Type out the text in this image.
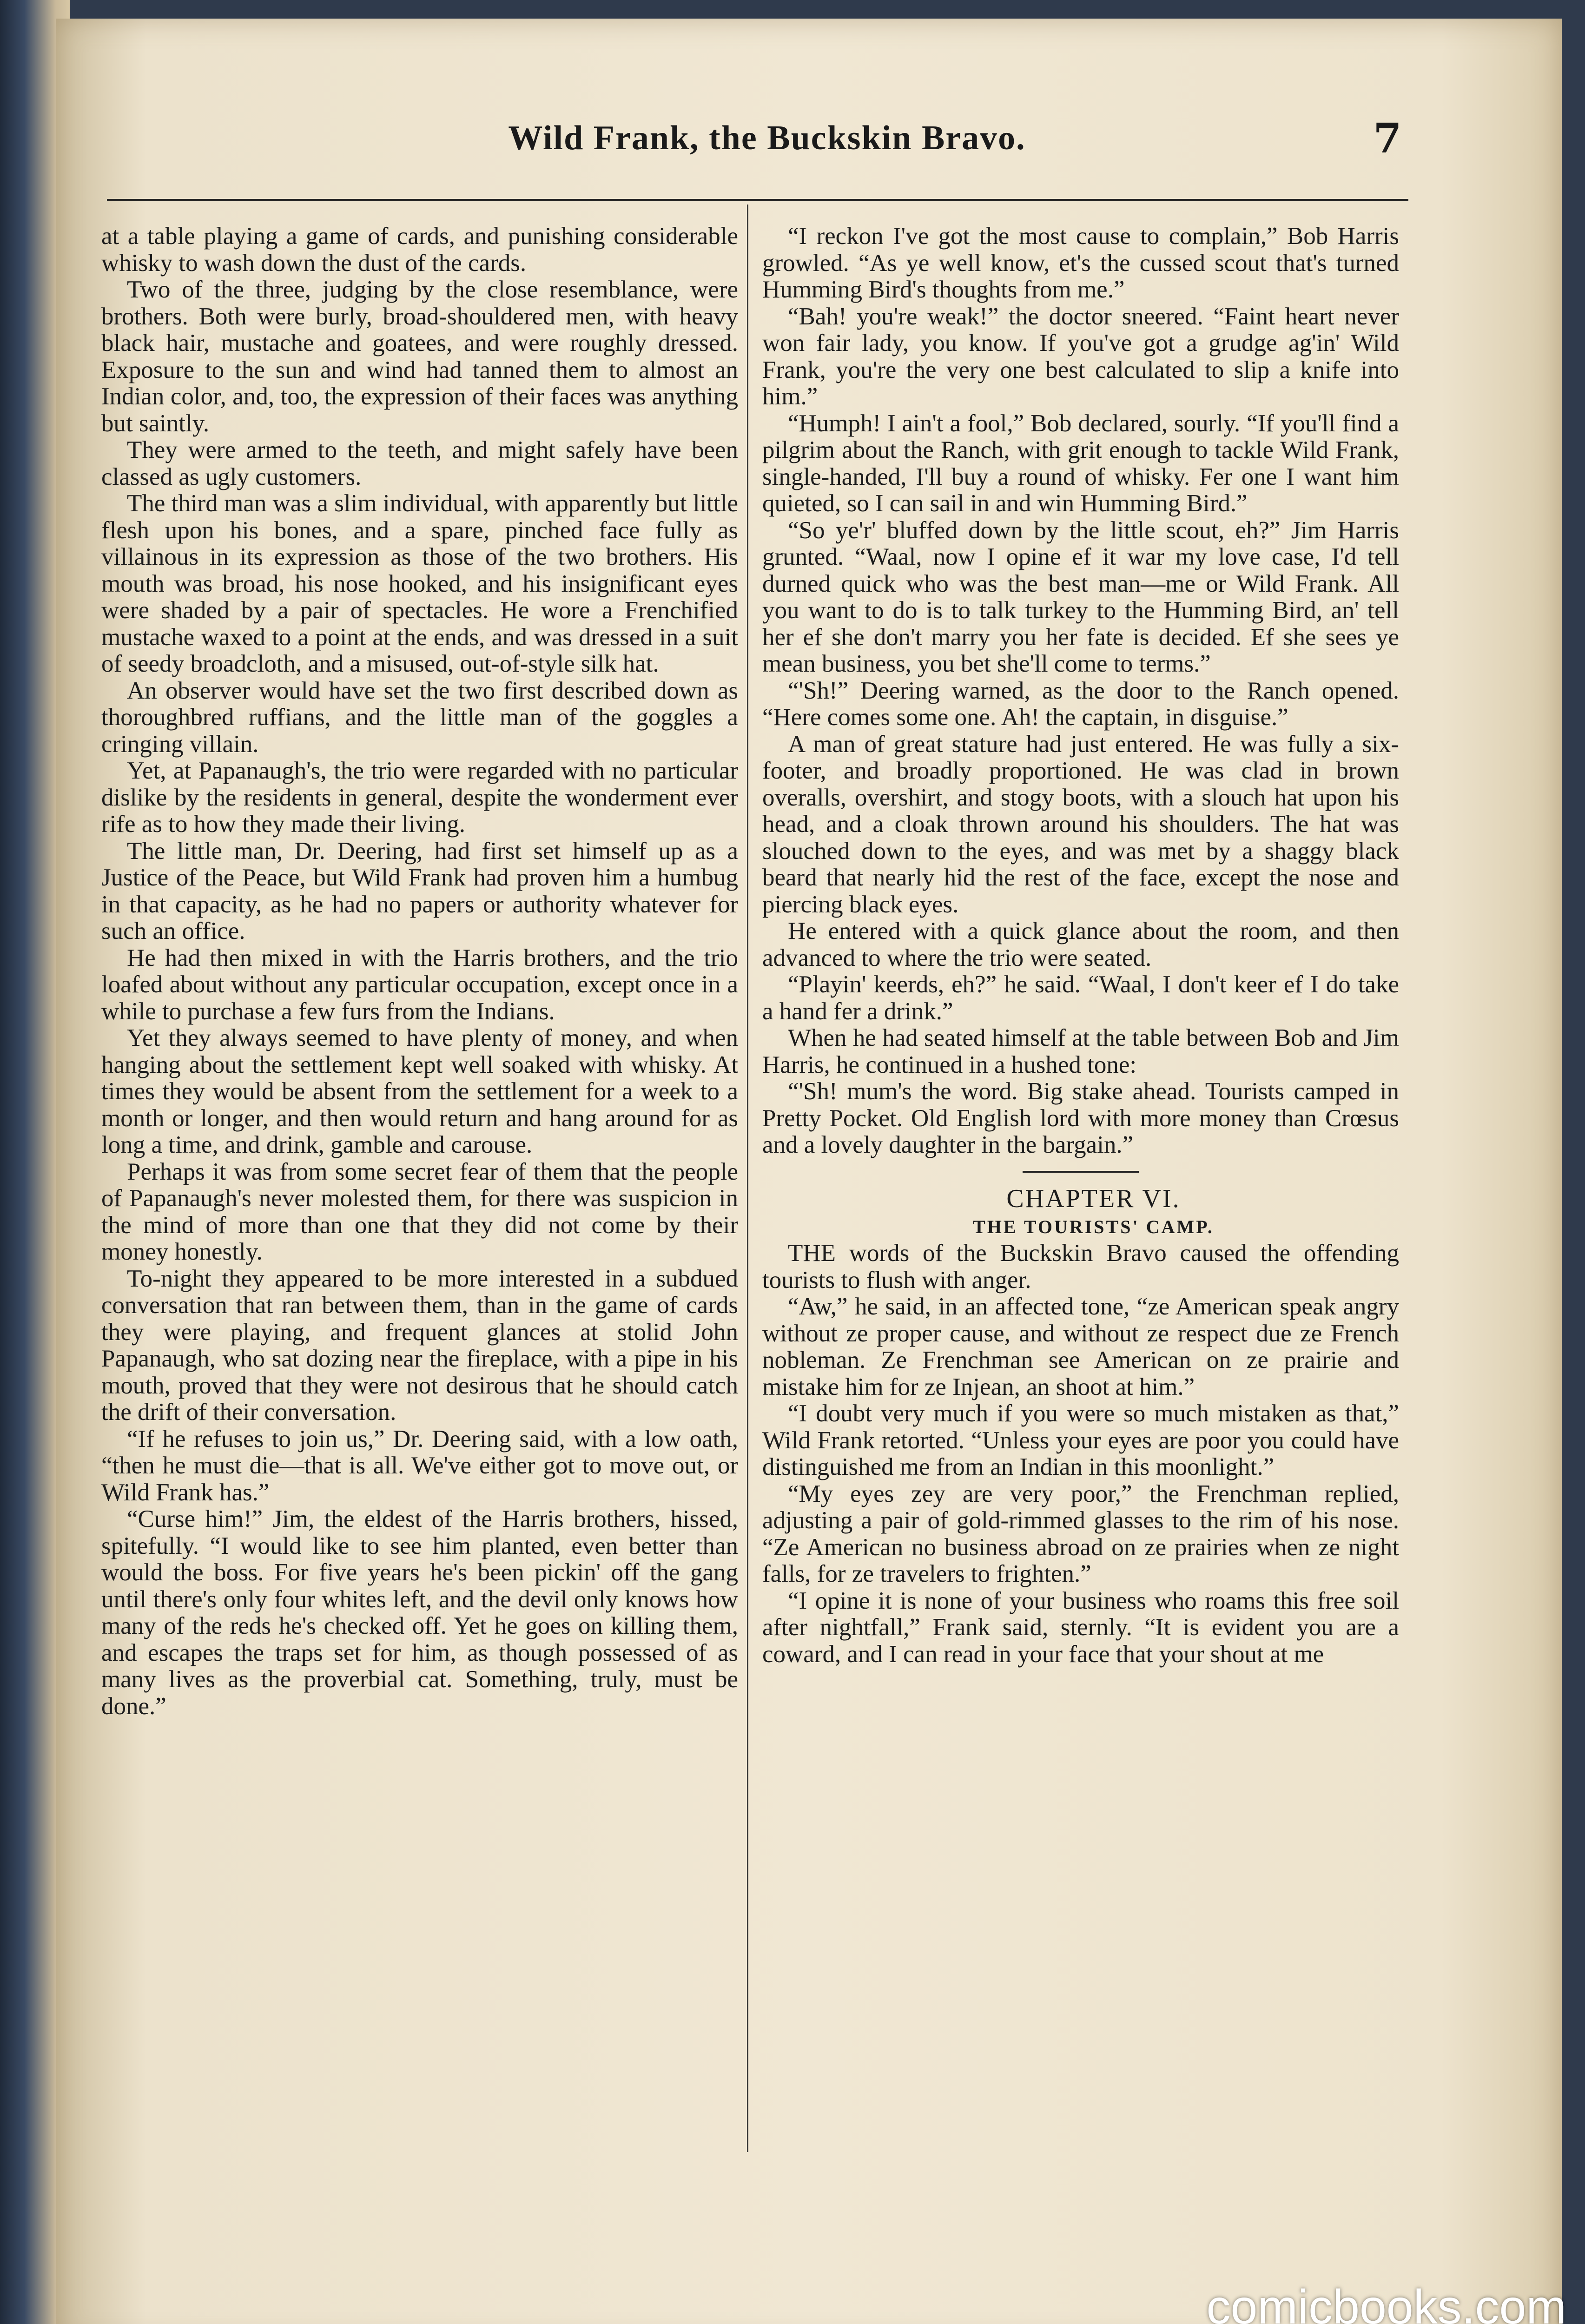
Wild Frank, the Buckskin Bravo.	7

at a table playing a game of cards, and punishing considerable whisky to wash down the dust of the cards.

Two of the three, judging by the close resemblance, were brothers. Both were burly, broad-shouldered men, with heavy black hair, mustache and goatees, and were roughly dressed. Exposure to the sun and wind had tanned them to almost an Indian color, and, too, the expression of their faces was anything but saintly.

They were armed to the teeth, and might safely have been classed as ugly customers.

The third man was a slim individual, with apparently but little flesh upon his bones, and a spare, pinched face fully as villainous in its expression as those of the two brothers. His mouth was broad, his nose hooked, and his insignificant eyes were shaded by a pair of spectacles. He wore a Frenchified mustache waxed to a point at the ends, and was dressed in a suit of seedy broadcloth, and a misused, out-of-style silk hat.

An observer would have set the two first described down as thoroughbred ruffians, and the little man of the goggles a cringing villain.

Yet, at Papanaugh's, the trio were regarded with no particular dislike by the residents in general, despite the wonderment ever rife as to how they made their living.

The little man, Dr. Deering, had first set himself up as a Justice of the Peace, but Wild Frank had proven him a humbug in that capacity, as he had no papers or authority whatever for such an office.

He had then mixed in with the Harris brothers, and the trio loafed about without any particular occupation, except once in a while to purchase a few furs from the Indians.

Yet they always seemed to have plenty of money, and when hanging about the settlement kept well soaked with whisky. At times they would be absent from the settlement for a week to a month or longer, and then would return and hang around for as long a time, and drink, gamble and carouse.

Perhaps it was from some secret fear of them that the people of Papanaugh's never molested them, for there was suspicion in the mind of more than one that they did not come by their money honestly.

To-night they appeared to be more interested in a subdued conversation that ran between them, than in the game of cards they were playing, and frequent glances at stolid John Papanaugh, who sat dozing near the fireplace, with a pipe in his mouth, proved that they were not desirous that he should catch the drift of their conversation.

“If he refuses to join us,” Dr. Deering said, with a low oath, “then he must die—that is all. We've either got to move out, or Wild Frank has.”

“Curse him!” Jim, the eldest of the Harris brothers, hissed, spitefully. “I would like to see him planted, even better than would the boss. For five years he's been pickin' off the gang until there's only four whites left, and the devil only knows how many of the reds he's checked off. Yet he goes on killing them, and escapes the traps set for him, as though possessed of as many lives as the proverbial cat. Something, truly, must be done.”

“I reckon I've got the most cause to complain,” Bob Harris growled. “As ye well know, et's the cussed scout that's turned Humming Bird's thoughts from me.”

“Bah! you're weak!” the doctor sneered. “Faint heart never won fair lady, you know. If you've got a grudge ag'in' Wild Frank, you're the very one best calculated to slip a knife into him.”

“Humph! I ain't a fool,” Bob declared, sourly. “If you'll find a pilgrim about the Ranch, with grit enough to tackle Wild Frank, single-handed, I'll buy a round of whisky. Fer one I want him quieted, so I can sail in and win Humming Bird.”

“So ye'r' bluffed down by the little scout, eh?” Jim Harris grunted. “Waal, now I opine ef it war my love case, I'd tell durned quick who was the best man—me or Wild Frank. All you want to do is to talk turkey to the Humming Bird, an' tell her ef she don't marry you her fate is decided. Ef she sees ye mean business, you bet she'll come to terms.”

“'Sh!” Deering warned, as the door to the Ranch opened. “Here comes some one. Ah! the captain, in disguise.”

A man of great stature had just entered. He was fully a six-footer, and broadly proportioned. He was clad in brown overalls, overshirt, and stogy boots, with a slouch hat upon his head, and a cloak thrown around his shoulders. The hat was slouched down to the eyes, and was met by a shaggy black beard that nearly hid the rest of the face, except the nose and piercing black eyes.

He entered with a quick glance about the room, and then advanced to where the trio were seated.

“Playin' keerds, eh?” he said. “Waal, I don't keer ef I do take a hand fer a drink.”

When he had seated himself at the table between Bob and Jim Harris, he continued in a hushed tone:

“'Sh! mum's the word. Big stake ahead. Tourists camped in Pretty Pocket. Old English lord with more money than Crœsus and a lovely daughter in the bargain.”

CHAPTER VI.

THE TOURISTS' CAMP.

THE words of the Buckskin Bravo caused the offending tourists to flush with anger.

“Aw,” he said, in an affected tone, “ze American speak angry without ze proper cause, and without ze respect due ze French nobleman. Ze Frenchman see American on ze prairie and mistake him for ze Injean, an shoot at him.”

“I doubt very much if you were so much mistaken as that,” Wild Frank retorted. “Unless your eyes are poor you could have distinguished me from an Indian in this moonlight.”

“My eyes zey are very poor,” the Frenchman replied, adjusting a pair of gold-rimmed glasses to the rim of his nose. “Ze American no business abroad on ze prairies when ze night falls, for ze travelers to frighten.”

“I opine it is none of your business who roams this free soil after nightfall,” Frank said, sternly. “It is evident you are a coward, and I can read in your face that your shout at me

comicbooks.com
